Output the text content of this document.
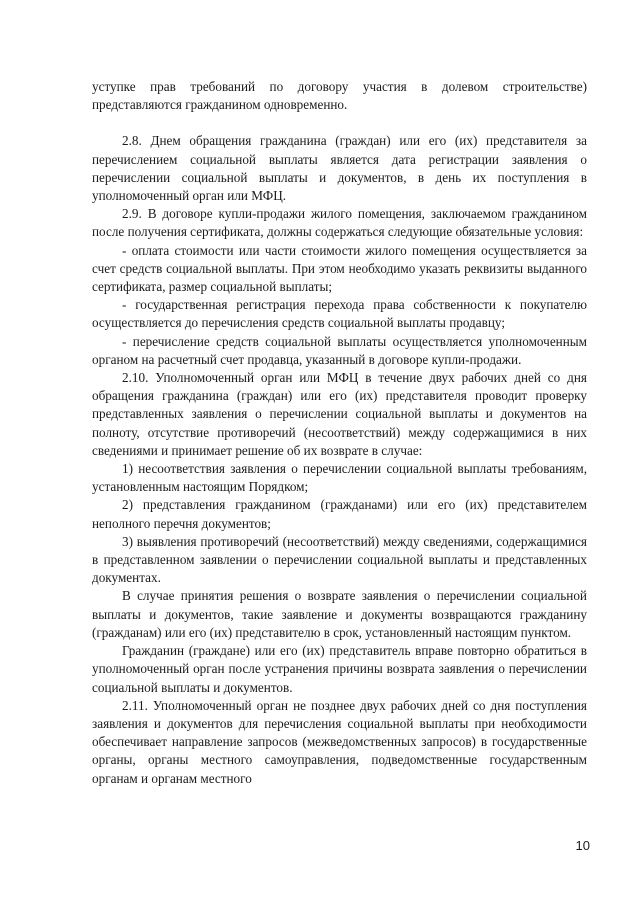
уступке прав требований по договору участия в долевом строительстве) представляются гражданином одновременно.

2.8. Днем обращения гражданина (граждан) или его (их) представителя за перечислением социальной выплаты является дата регистрации заявления о перечислении социальной выплаты и документов, в день их поступления в уполномоченный орган или МФЦ.

2.9. В договоре купли-продажи жилого помещения, заключаемом гражданином после получения сертификата, должны содержаться следующие обязательные условия:

- оплата стоимости или части стоимости жилого помещения осуществляется за счет средств социальной выплаты. При этом необходимо указать реквизиты выданного сертификата, размер социальной выплаты;

- государственная регистрация перехода права собственности к покупателю осуществляется до перечисления средств социальной выплаты продавцу;

- перечисление средств социальной выплаты осуществляется уполномоченным органом на расчетный счет продавца, указанный в договоре купли-продажи.

2.10. Уполномоченный орган или МФЦ в течение двух рабочих дней со дня обращения гражданина (граждан) или его (их) представителя проводит проверку представленных заявления о перечислении социальной выплаты и документов на полноту, отсутствие противоречий (несоответствий) между содержащимися в них сведениями и принимает решение об их возврате в случае:

1) несоответствия заявления о перечислении социальной выплаты требованиям, установленным настоящим Порядком;

2) представления гражданином (гражданами) или его (их) представителем неполного перечня документов;

3) выявления противоречий (несоответствий) между сведениями, содержащимися в представленном заявлении о перечислении социальной выплаты и представленных документах.

В случае принятия решения о возврате заявления о перечислении социальной выплаты и документов, такие заявление и документы возвращаются гражданину (гражданам) или его (их) представителю в срок, установленный настоящим пунктом.

Гражданин (граждане) или его (их) представитель вправе повторно обратиться в уполномоченный орган после устранения причины возврата заявления о перечислении социальной выплаты и документов.

2.11. Уполномоченный орган не позднее двух рабочих дней со дня поступления заявления и документов для перечисления социальной выплаты при необходимости обеспечивает направление запросов (межведомственных запросов) в государственные органы, органы местного самоуправления, подведомственные государственным органам и органам местного

10
